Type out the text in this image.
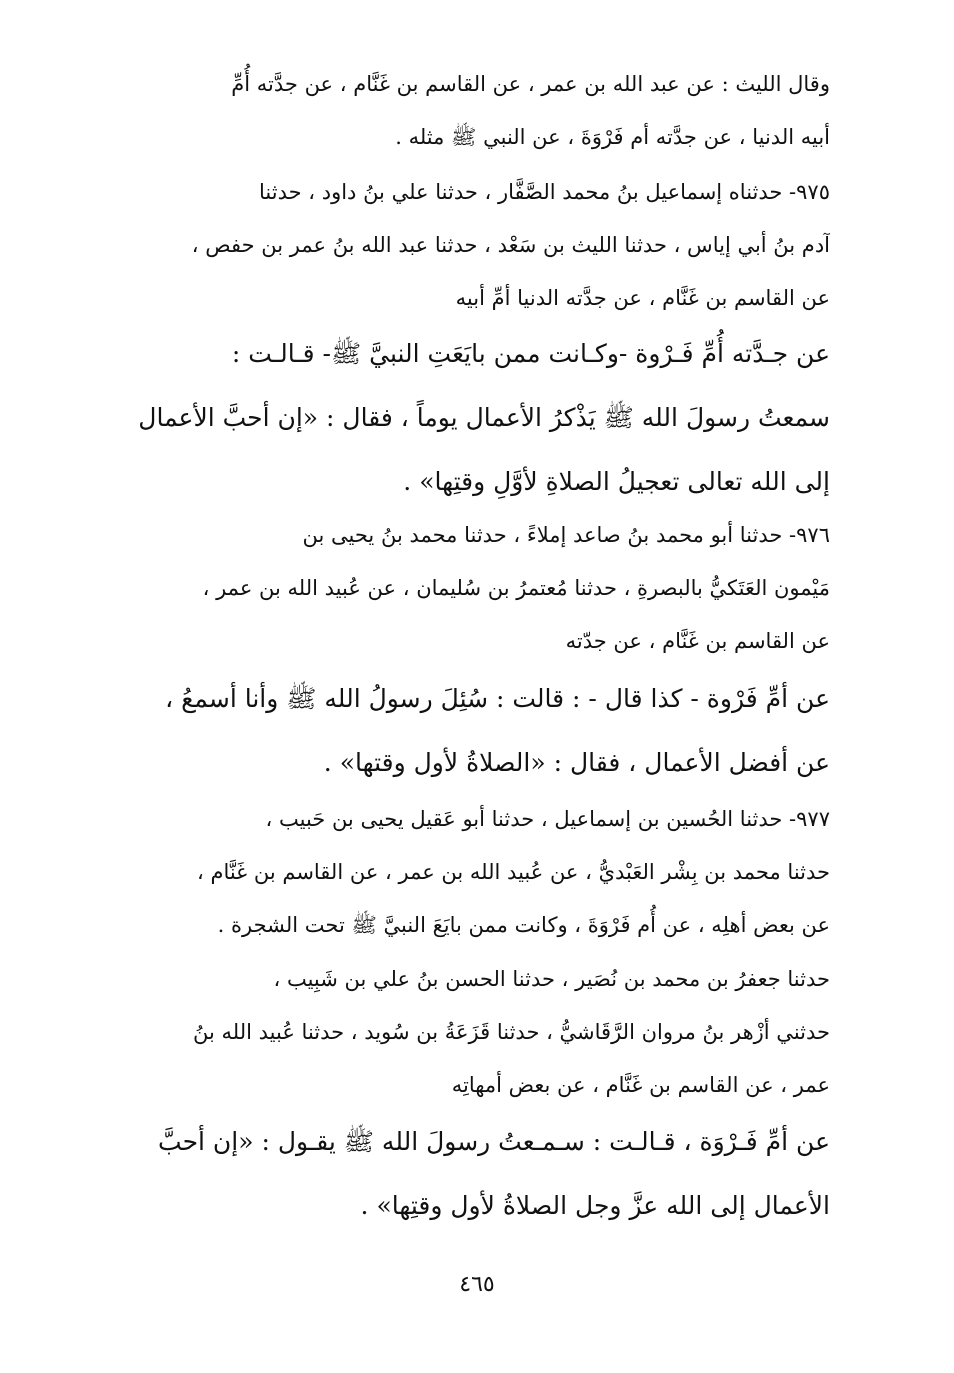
وقال الليث : عن عبد الله بن عمر ، عن القاسم بن غَنَّام ، عن جدَّته أُمِّ
أبيه الدنيا ، عن جدَّته أم فَرْوَةَ ، عن النبي ﷺ مثله .
٩٧٥- حدثناه إسماعيل بنُ محمد الصَّفَّار ، حدثنا علي بنُ داود ، حدثنا
آدم بنُ أبي إياس ، حدثنا الليث بن سَعْد ، حدثنا عبد الله بنُ عمر بن حفص ،
عن القاسم بن غَنَّام ، عن جدَّته الدنيا أمِّ أبيه
عن جـدَّته أُمِّ فَـرْوة -وكـانت ممن بايَعَتِ النبيَّ ﷺ- قـالـت :
سمعتُ رسولَ الله ﷺ يَذْكرُ الأعمال يوماً ، فقال : «إن أحبَّ الأعمال
إلى الله تعالى تعجيلُ الصلاةِ لأوَّلِ وقتِها» .
٩٧٦- حدثنا أبو محمد بنُ صاعد إملاءً ، حدثنا محمد بنُ يحيى بن
مَيْمون العَتَكيُّ بالبصرةِ ، حدثنا مُعتمرُ بن سُليمان ، عن عُبيد الله بن عمر ،
عن القاسم بن غَنَّام ، عن جدّته
عن أمِّ فَرْوة - كذا قال - : قالت : سُئِلَ رسولُ الله ﷺ وأنا أسمعُ ،
عن أفضل الأعمال ، فقال : «الصلاةُ لأول وقتها» .
٩٧٧- حدثنا الحُسين بن إسماعيل ، حدثنا أبو عَقيل يحيى بن حَبيب ،
حدثنا محمد بن بِشْر العَبْديُّ ، عن عُبيد الله بن عمر ، عن القاسم بن غَنَّام ،
عن بعض أهلِه ، عن أُم فَرْوَةَ ، وكانت ممن بايَعَ النبيَّ ﷺ تحت الشجرة .
حدثنا جعفرُ بن محمد بن نُصَير ، حدثنا الحسن بنُ علي بن شَبِيب ،
حدثني أزْهر بنُ مروان الرَّقَاشيُّ ، حدثنا قَزَعَةُ بن سُويد ، حدثنا عُبيد الله بنُ
عمر ، عن القاسم بن غَنَّام ، عن بعض أمهاتِه
عن أمِّ فَـرْوَة ، قـالـت : سـمـعتُ رسولَ الله ﷺ يقـول : «إن أحبَّ
الأعمال إلى الله عزَّ وجل الصلاةُ لأول وقتِها» .
٤٦٥
